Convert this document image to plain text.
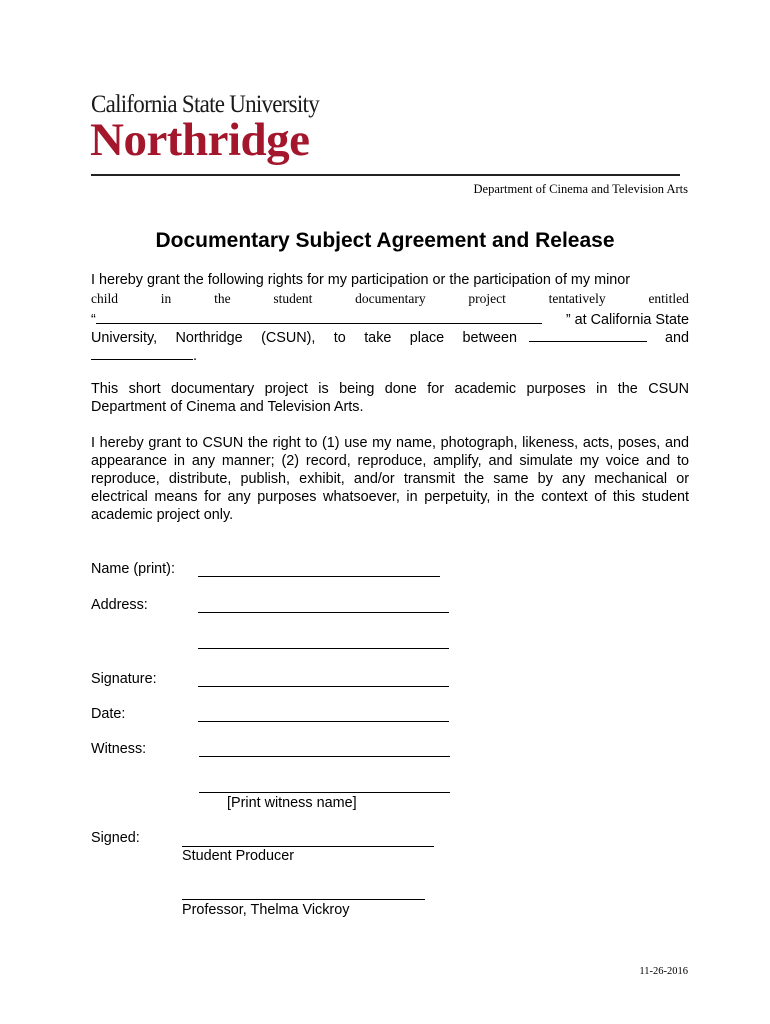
California State University
Northridge
Department of Cinema and Television Arts
Documentary Subject Agreement and Release
I hereby grant the following rights for my participation or the participation of my minor
child	in	the	student	documentary	project	tentatively	entitled
“	” at California State
University, Northridge (CSUN), to take place between	and
.
This short documentary project is being done for academic purposes in the CSUN Department of Cinema and Television Arts.
I hereby grant to CSUN the right to (1) use my name, photograph, likeness, acts, poses, and appearance in any manner; (2) record, reproduce, amplify, and simulate my voice and to reproduce, distribute, publish, exhibit, and/or transmit the same by any mechanical or electrical means for any purposes whatsoever, in perpetuity, in the context of this student academic project only.
Name (print):
Address:
Signature:
Date:
Witness:
[Print witness name]
Signed:
Student Producer
Professor, Thelma Vickroy
11-26-2016
